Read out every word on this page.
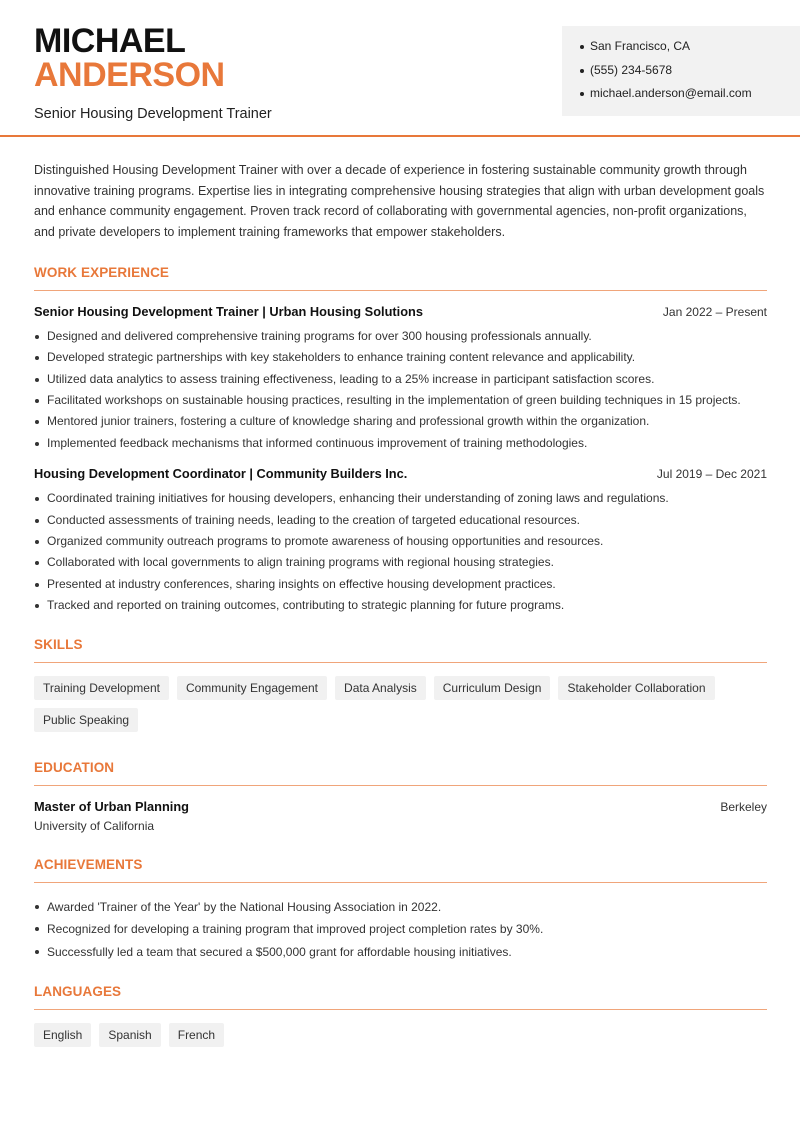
MICHAEL
ANDERSON
Senior Housing Development Trainer
San Francisco, CA
(555) 234-5678
michael.anderson@email.com

Distinguished Housing Development Trainer with over a decade of experience in fostering sustainable community growth through innovative training programs. Expertise lies in integrating comprehensive housing strategies that align with urban development goals and enhance community engagement. Proven track record of collaborating with governmental agencies, non-profit organizations, and private developers to implement training frameworks that empower stakeholders.

WORK EXPERIENCE
Senior Housing Development Trainer | Urban Housing Solutions	Jan 2022 – Present
Designed and delivered comprehensive training programs for over 300 housing professionals annually.
Developed strategic partnerships with key stakeholders to enhance training content relevance and applicability.
Utilized data analytics to assess training effectiveness, leading to a 25% increase in participant satisfaction scores.
Facilitated workshops on sustainable housing practices, resulting in the implementation of green building techniques in 15 projects.
Mentored junior trainers, fostering a culture of knowledge sharing and professional growth within the organization.
Implemented feedback mechanisms that informed continuous improvement of training methodologies.
Housing Development Coordinator | Community Builders Inc.	Jul 2019 – Dec 2021
Coordinated training initiatives for housing developers, enhancing their understanding of zoning laws and regulations.
Conducted assessments of training needs, leading to the creation of targeted educational resources.
Organized community outreach programs to promote awareness of housing opportunities and resources.
Collaborated with local governments to align training programs with regional housing strategies.
Presented at industry conferences, sharing insights on effective housing development practices.
Tracked and reported on training outcomes, contributing to strategic planning for future programs.
SKILLS
Training Development	Community Engagement	Data Analysis	Curriculum Design	Stakeholder Collaboration
Public Speaking
EDUCATION
Master of Urban Planning	Berkeley
University of California
ACHIEVEMENTS
Awarded 'Trainer of the Year' by the National Housing Association in 2022.
Recognized for developing a training program that improved project completion rates by 30%.
Successfully led a team that secured a $500,000 grant for affordable housing initiatives.
LANGUAGES
English	Spanish	French
